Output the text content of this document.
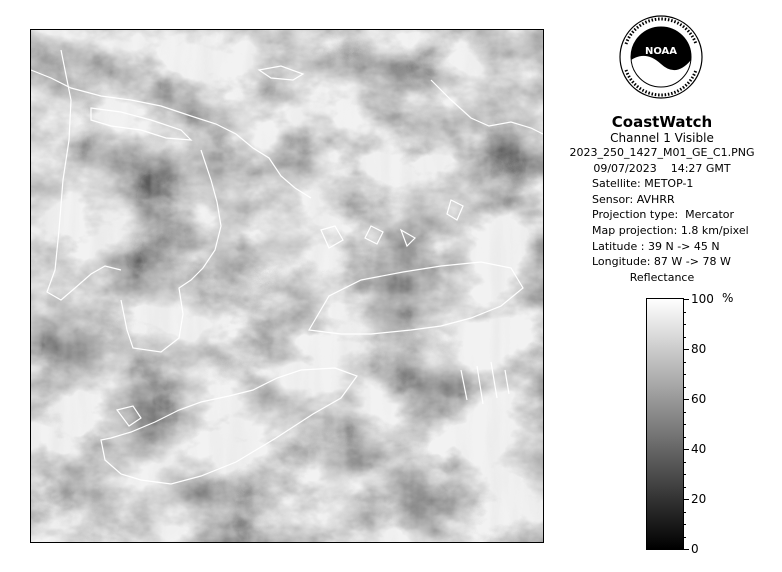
NOAA
CoastWatch
Channel 1 Visible
2023_250_1427_M01_GE_C1.PNG
09/07/2023    14:27 GMT
Satellite: METOP-1
Sensor: AVHRR
Projection type:  Mercator
Map projection: 1.8 km/pixel
Latitude : 39 N -> 45 N
Longitude: 87 W -> 78 W
Reflectance
%
100
80
60
40
20
0
